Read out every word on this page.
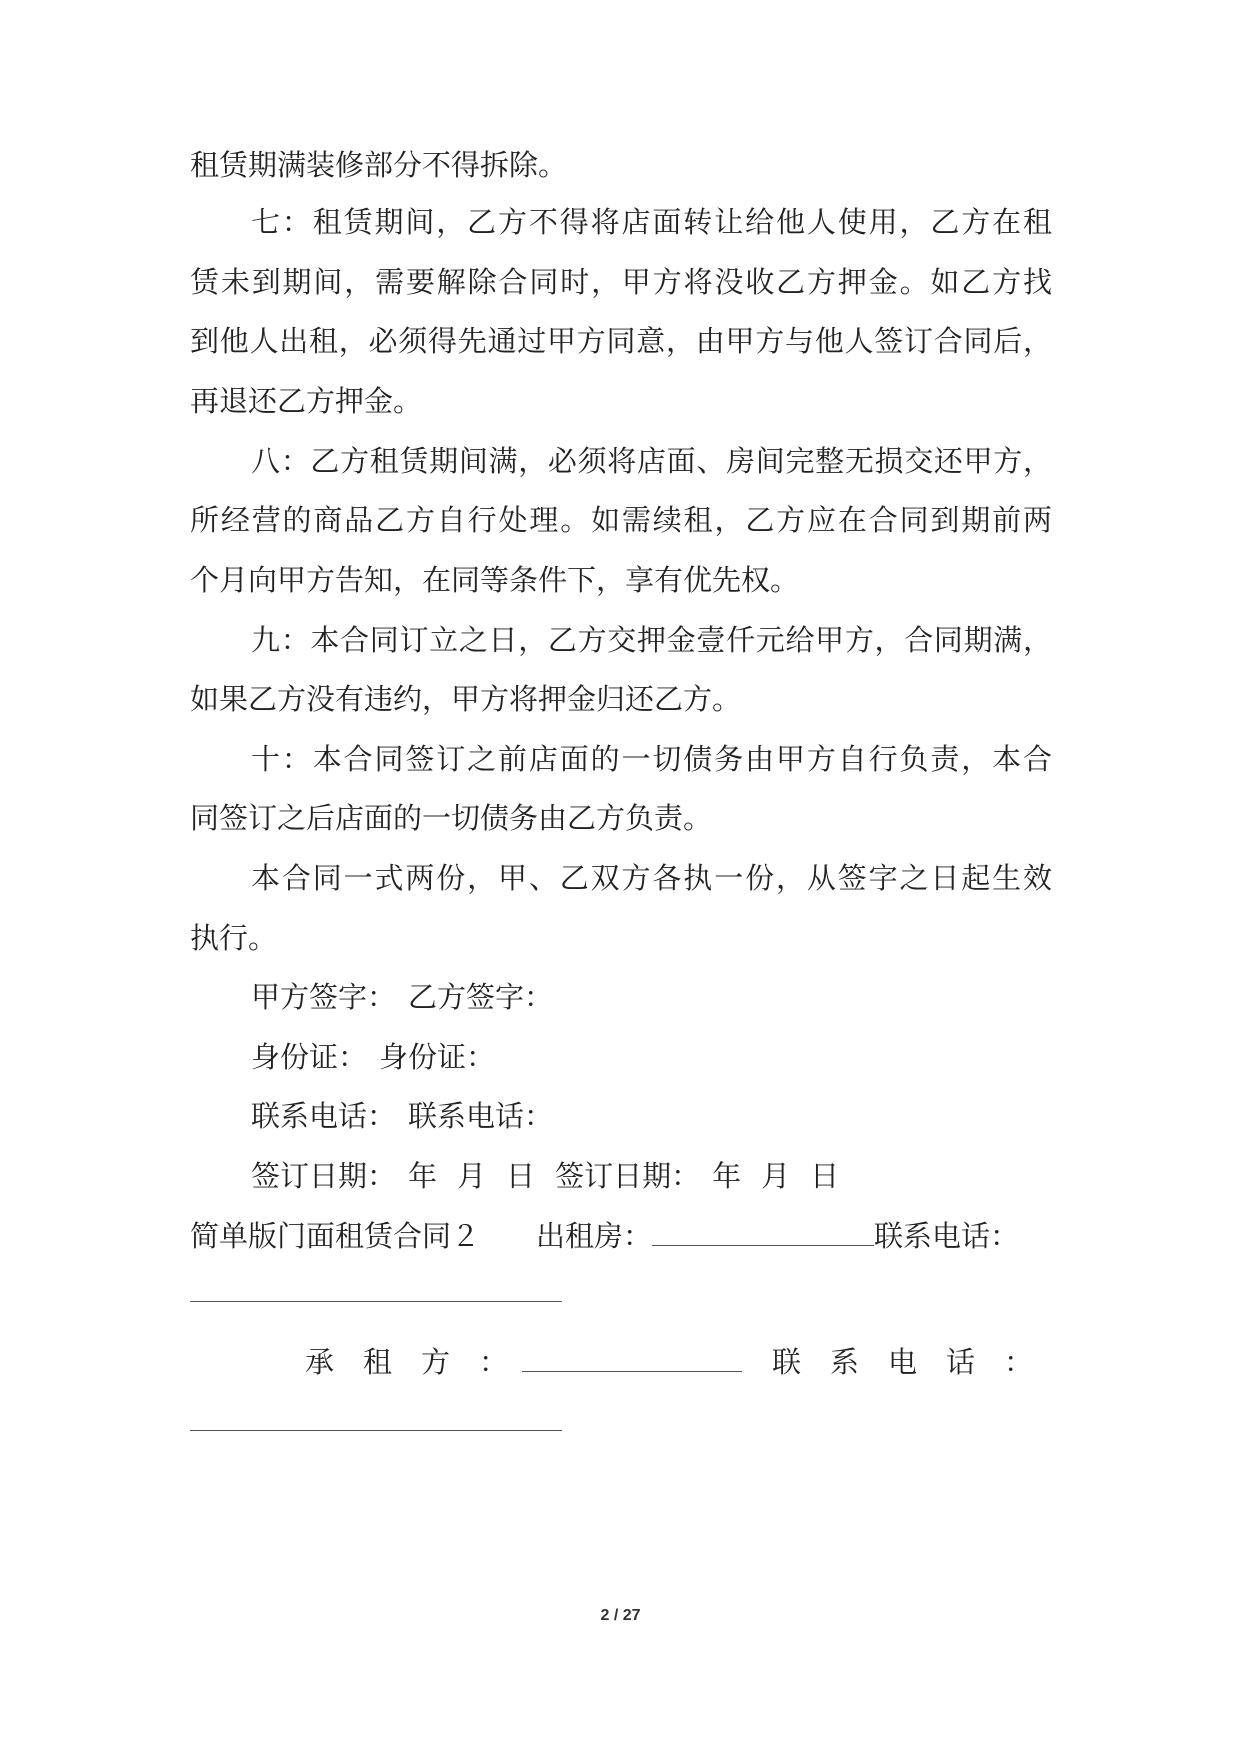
租赁期满装修部分不得拆除。
七：租赁期间，乙方不得将店面转让给他人使用，乙方在租
赁未到期间，需要解除合同时，甲方将没收乙方押金。如乙方找
到他人出租，必须得先通过甲方同意，由甲方与他人签订合同后，
再退还乙方押金。
八：乙方租赁期间满，必须将店面、房间完整无损交还甲方，
所经营的商品乙方自行处理。如需续租，乙方应在合同到期前两
个月向甲方告知，在同等条件下，享有优先权。
九：本合同订立之日，乙方交押金壹仟元给甲方，合同期满，
如果乙方没有违约，甲方将押金归还乙方。
十：本合同签订之前店面的一切债务由甲方自行负责，本合
同签订之后店面的一切债务由乙方负责。
本合同一式两份，甲、乙双方各执一份，从签字之日起生效
执行。
甲方签字： 乙方签字：
身份证： 身份证：
联系电话： 联系电话：
签订日期： 年 月 日 签订日期： 年 月 日
简单版门面租赁合同２ 出租房：	联系电话：
承　租　方　：	联　系　电　话　：
2 / 27
